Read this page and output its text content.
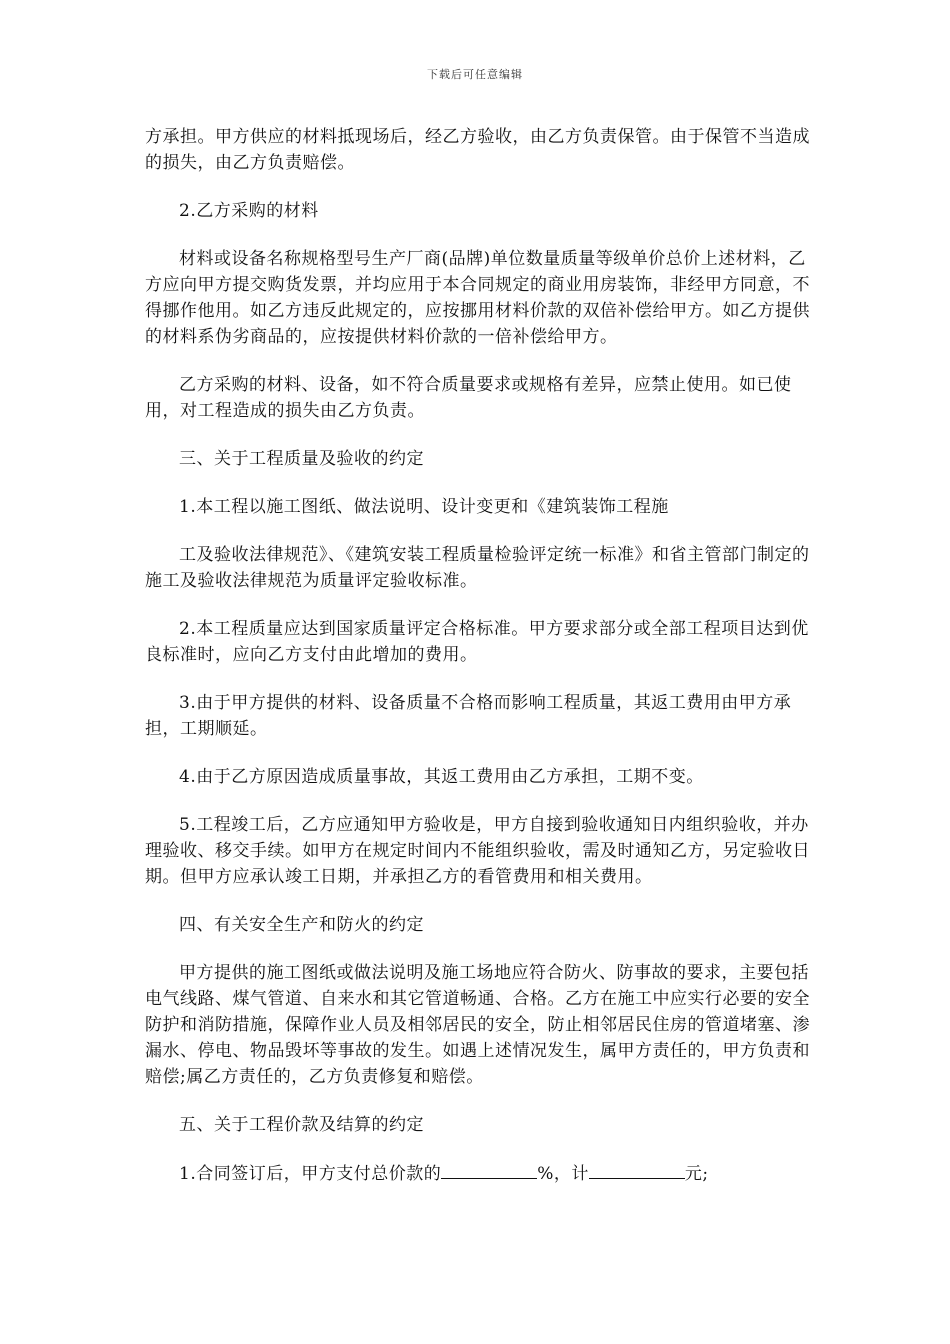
下载后可任意编辑

方承担。甲方供应的材料抵现场后，经乙方验收，由乙方负责保管。由于保管不当造成的损失，由乙方负责赔偿。

2.乙方采购的材料

材料或设备名称规格型号生产厂商(品牌)单位数量质量等级单价总价上述材料，乙方应向甲方提交购货发票，并均应用于本合同规定的商业用房装饰，非经甲方同意，不得挪作他用。如乙方违反此规定的，应按挪用材料价款的双倍补偿给甲方。如乙方提供的材料系伪劣商品的，应按提供材料价款的一倍补偿给甲方。

乙方采购的材料、设备，如不符合质量要求或规格有差异，应禁止使用。如已使用，对工程造成的损失由乙方负责。

三、关于工程质量及验收的约定

1.本工程以施工图纸、做法说明、设计变更和《建筑装饰工程施

工及验收法律规范》、《建筑安装工程质量检验评定统一标准》和省主管部门制定的施工及验收法律规范为质量评定验收标准。

2.本工程质量应达到国家质量评定合格标准。甲方要求部分或全部工程项目达到优良标准时，应向乙方支付由此增加的费用。

3.由于甲方提供的材料、设备质量不合格而影响工程质量，其返工费用由甲方承担，工期顺延。

4.由于乙方原因造成质量事故，其返工费用由乙方承担，工期不变。

5.工程竣工后，乙方应通知甲方验收是，甲方自接到验收通知日内组织验收，并办理验收、移交手续。如甲方在规定时间内不能组织验收，需及时通知乙方，另定验收日期。但甲方应承认竣工日期，并承担乙方的看管费用和相关费用。

四、有关安全生产和防火的约定

甲方提供的施工图纸或做法说明及施工场地应符合防火、防事故的要求，主要包括电气线路、煤气管道、自来水和其它管道畅通、合格。乙方在施工中应实行必要的安全防护和消防措施，保障作业人员及相邻居民的安全，防止相邻居民住房的管道堵塞、渗漏水、停电、物品毁坏等事故的发生。如遇上述情况发生，属甲方责任的，甲方负责和赔偿;属乙方责任的，乙方负责修复和赔偿。

五、关于工程价款及结算的约定

1.合同签订后，甲方支付总价款的	%，计	元;
